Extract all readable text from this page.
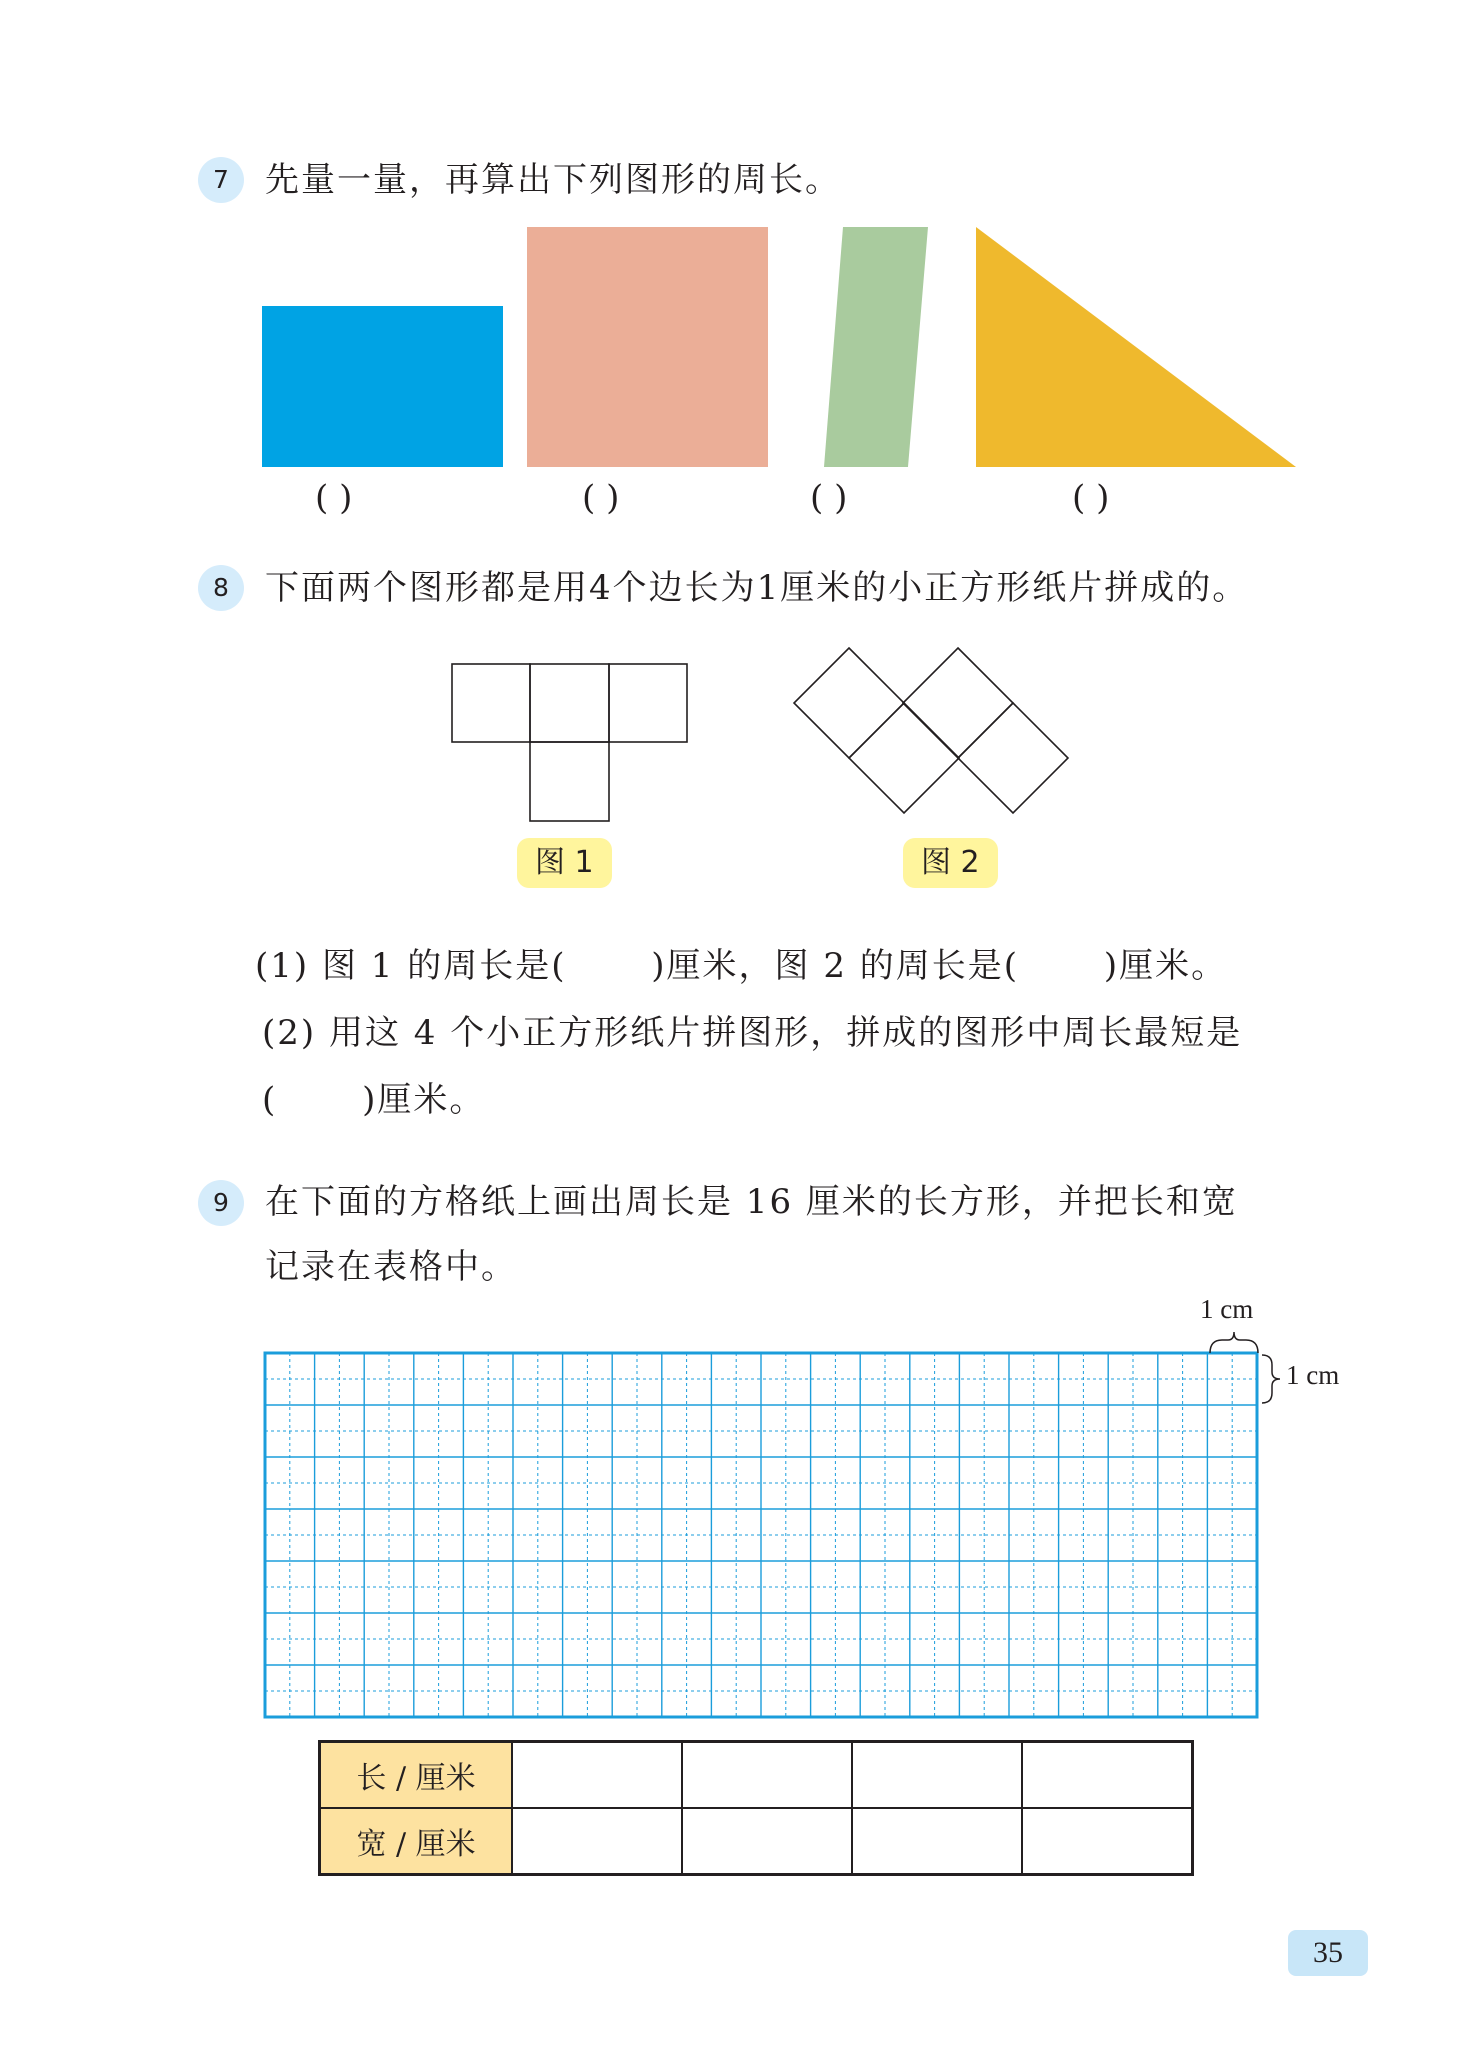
7	先量一量，再算出下列图形的周长。
( )	( )	( )	( )
8	下面两个图形都是用4个边长为1厘米的小正方形纸片拼成的。
图 1	图 2
(1) 图 1 的周长是(　　 )厘米，图 2 的周长是(　　 )厘米。
(2) 用这 4 个小正方形纸片拼图形，拼成的图形中周长最短是
(　　 )厘米。
9	在下面的方格纸上画出周长是 16 厘米的长方形，并把长和宽
记录在表格中。
1 cm
1 cm
长 / 厘米				
宽 / 厘米				
35
